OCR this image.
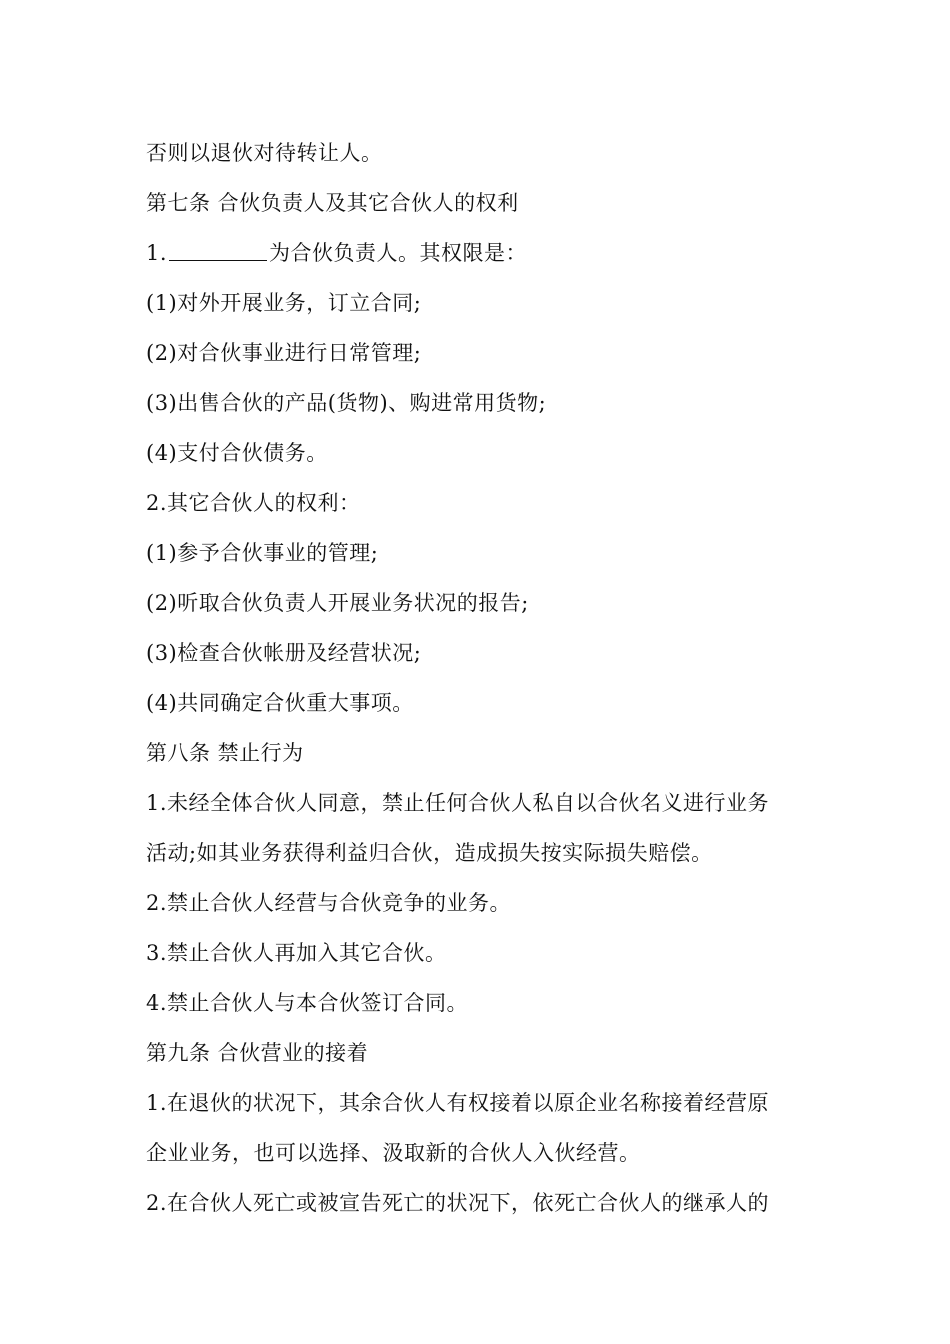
否则以退伙对待转让人。
第七条 合伙负责人及其它合伙人的权利
1.	为合伙负责人。其权限是：
(1)对外开展业务，订立合同;
(2)对合伙事业进行日常管理;
(3)出售合伙的产品(货物)、购进常用货物;
(4)支付合伙债务。
2.其它合伙人的权利：
(1)参予合伙事业的管理;
(2)听取合伙负责人开展业务状况的报告;
(3)检查合伙帐册及经营状况;
(4)共同确定合伙重大事项。
第八条 禁止行为
1.未经全体合伙人同意，禁止任何合伙人私自以合伙名义进行业务
活动;如其业务获得利益归合伙，造成损失按实际损失赔偿。
2.禁止合伙人经营与合伙竞争的业务。
3.禁止合伙人再加入其它合伙。
4.禁止合伙人与本合伙签订合同。
第九条 合伙营业的接着
1.在退伙的状况下，其余合伙人有权接着以原企业名称接着经营原
企业业务，也可以选择、汲取新的合伙人入伙经营。
2.在合伙人死亡或被宣告死亡的状况下，依死亡合伙人的继承人的
